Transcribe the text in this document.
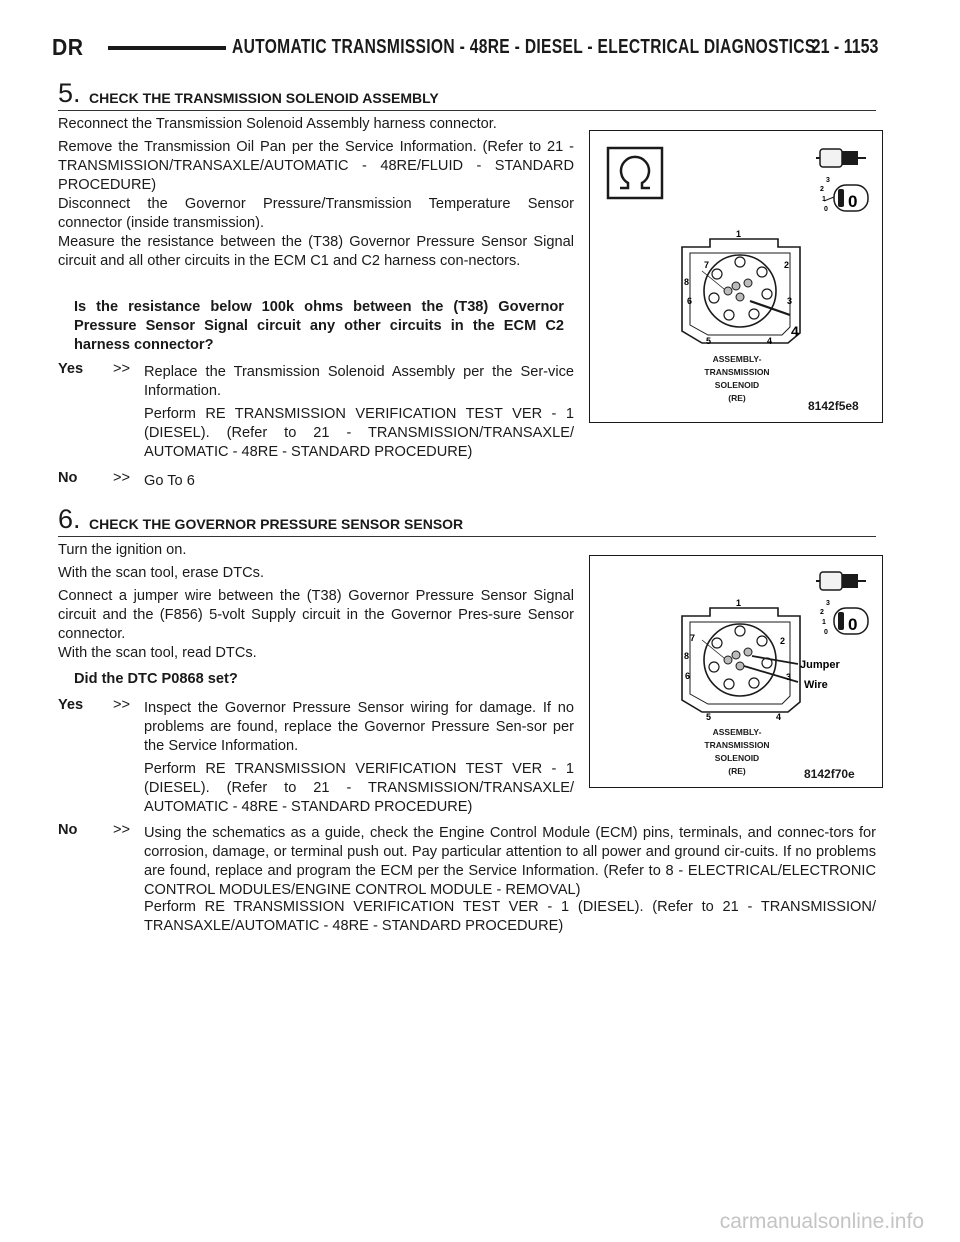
DR	AUTOMATIC TRANSMISSION - 48RE - DIESEL - ELECTRICAL DIAGNOSTICS
21 - 1153
5. CHECK THE TRANSMISSION SOLENOID ASSEMBLY
Reconnect the Transmission Solenoid Assembly harness connector.
Remove the Transmission Oil Pan per the Service Information. (Refer to 21 - TRANSMISSION/TRANSAXLE/AUTOMATIC - 48RE/FLUID - STANDARD PROCEDURE)
Disconnect the Governor Pressure/Transmission Temperature Sensor connector (inside transmission).
Measure the resistance between the (T38) Governor Pressure Sensor Signal circuit and all other circuits in the ECM C1 and C2 harness con-nectors.
Is the resistance below 100k ohms between the (T38) Governor Pressure Sensor Signal circuit any other circuits in the ECM C2 harness connector?
Yes >> Replace the Transmission Solenoid Assembly per the Ser-vice Information.
Perform RE TRANSMISSION VERIFICATION TEST VER - 1 (DIESEL). (Refer to 21 - TRANSMISSION/TRANSAXLE/ AUTOMATIC - 48RE - STANDARD PROCEDURE)
No >> Go To 6
3
2
1
0 0
1
2
3
4
5
6
7
8
4
ASSEMBLY-
TRANSMISSION
SOLENOID
(RE)
8142f5e8
6. CHECK THE GOVERNOR PRESSURE SENSOR SENSOR
Turn the ignition on.
With the scan tool, erase DTCs.
Connect a jumper wire between the (T38) Governor Pressure Sensor Signal circuit and the (F856) 5-volt Supply circuit in the Governor Pres-sure Sensor connector.
With the scan tool, read DTCs.
Did the DTC P0868 set?
Yes >> Inspect the Governor Pressure Sensor wiring for damage. If no problems are found, replace the Governor Pressure Sen-sor per the Service Information.
Perform RE TRANSMISSION VERIFICATION TEST VER - 1 (DIESEL). (Refer to 21 - TRANSMISSION/TRANSAXLE/ AUTOMATIC - 48RE - STANDARD PROCEDURE)
No >> Using the schematics as a guide, check the Engine Control Module (ECM) pins, terminals, and connec-tors for corrosion, damage, or terminal push out. Pay particular attention to all power and ground cir-cuits. If no problems are found, replace and program the ECM per the Service Information. (Refer to 8 - ELECTRICAL/ELECTRONIC CONTROL MODULES/ENGINE CONTROL MODULE - REMOVAL)
Perform RE TRANSMISSION VERIFICATION TEST VER - 1 (DIESEL). (Refer to 21 - TRANSMISSION/ TRANSAXLE/AUTOMATIC - 48RE - STANDARD PROCEDURE)
3
2
1
0 0
1
2
3
4
5
6
7
8
Jumper
Wire
ASSEMBLY-
TRANSMISSION
SOLENOID
(RE)	8142f70e
carmanualsonline.info
